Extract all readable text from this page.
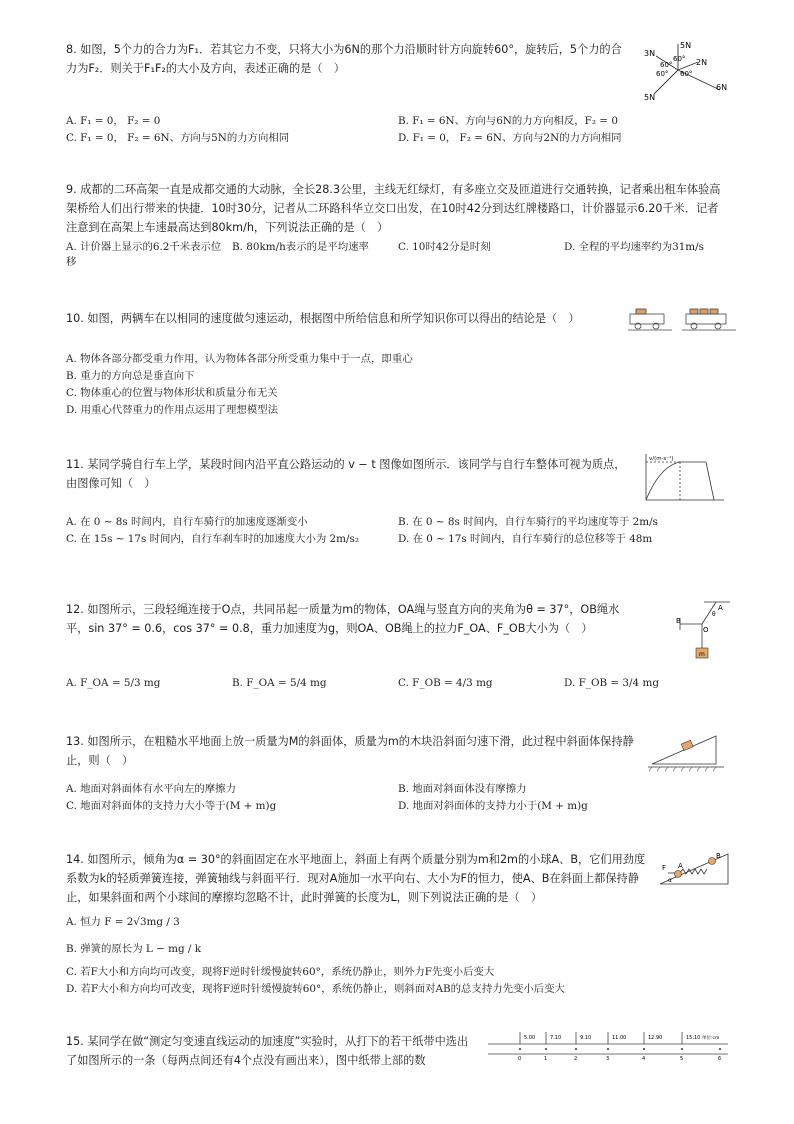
8. 如图，5个力的合力为F₁．若其它力不变，只将大小为6N的那个力沿顺时针方向旋转60°，旋转后，5个力的合力为F₂．则关于F₁F₂的大小及方向，表述正确的是（　）
A. F₁ = 0， F₂ = 0	B. F₁ = 6N、方向与6N的力方向相反，F₂ = 0
C. F₁ = 0， F₂ = 6N、方向与5N的力方向相同	D. F₁ = 0， F₂ = 6N、方向与2N的力方向相同
5N
3N
2N
5N
6N
60°
60°
60° 60°
9. 成都的二环高架一直是成都交通的大动脉，全长28.3公里，主线无红绿灯，有多座立交及匝道进行交通转换，记者乘出租车体验高架桥给人们出行带来的快捷．10时30分，记者从二环路科华立交口出发，在10时42分到达红牌楼路口，计价器显示6.20千米．记者注意到在高架上车速最高达到80km/h，下列说法正确的是（　）
A. 计价器上显示的6.2千米表示位移
B. 80km/h表示的是平均速率	C. 10时42分是时刻	D. 全程的平均速率约为31m/s
10. 如图，两辆车在以相同的速度做匀速运动，根据图中所给信息和所学知识你可以得出的结论是（　）
A. 物体各部分都受重力作用，认为物体各部分所受重力集中于一点，即重心
B. 重力的方向总是垂直向下
C. 物体重心的位置与物体形状和质量分布无关
D. 用重心代替重力的作用点运用了理想模型法
11. 某同学骑自行车上学，某段时间内沿平直公路运动的 v − t 图像如图所示．该同学与自行车整体可视为质点，由图像可知（　）
v/(m·s⁻¹)
A. 在 0 ∼ 8s 时间内，自行车骑行的加速度逐渐变小	B. 在 0 ∼ 8s 时间内，自行车骑行的平均速度等于 2m/s
C. 在 15s ∼ 17s 时间内，自行车刹车时的加速度大小为 2m/s₂	D. 在 0 ∼ 17s 时间内，自行车骑行的总位移等于 48m
12. 如图所示，三段轻绳连接于O点，共同吊起一质量为m的物体，OA绳与竖直方向的夹角为θ = 37°，OB绳水平，sin 37° = 0.6，cos 37° = 0.8，重力加速度为g，则OA、OB绳上的拉力F_OA、F_OB大小为（　）
A
B
O
θ
m
A. F_OA = 5/3 mg	B. F_OA = 5/4 mg	C. F_OB = 4/3 mg	D. F_OB = 3/4 mg
13. 如图所示，在粗糙水平地面上放一质量为M的斜面体，质量为m的木块沿斜面匀速下滑，此过程中斜面体保持静止，则（　）
A. 地面对斜面体有水平向左的摩擦力	B. 地面对斜面体没有摩擦力
C. 地面对斜面体的支持力大小等于(M + m)g	D. 地面对斜面体的支持力小于(M + m)g
14. 如图所示，倾角为α = 30°的斜面固定在水平地面上，斜面上有两个质量分别为m和2m的小球A、B，它们用劲度系数为k的轻质弹簧连接，弹簧轴线与斜面平行．现对A施加一水平向右、大小为F的恒力，使A、B在斜面上都保持静止，如果斜面和两个小球间的摩擦均忽略不计，此时弹簧的长度为L，则下列说法正确的是（　）
B
A
F
α
A. 恒力 F = 2√3mg / 3
B. 弹簧的原长为 L − mg / k
C. 若F大小和方向均可改变，现将F逆时针缓慢旋转60°，系统仍静止，则外力F先变小后变大
D. 若F大小和方向均可改变，现将F逆时针缓慢旋转60°，系统仍静止，则斜面对AB的总支持力先变小后变大
15. 某同学在做“测定匀变速直线运动的加速度”实验时，从打下的若干纸带中选出了如图所示的一条（每两点间还有4个点没有画出来），图中纸带上部的数
5.00	7.10	9.10	11.00	12.90	15.10 单位:cm
0	1	2	3	4	5	6
